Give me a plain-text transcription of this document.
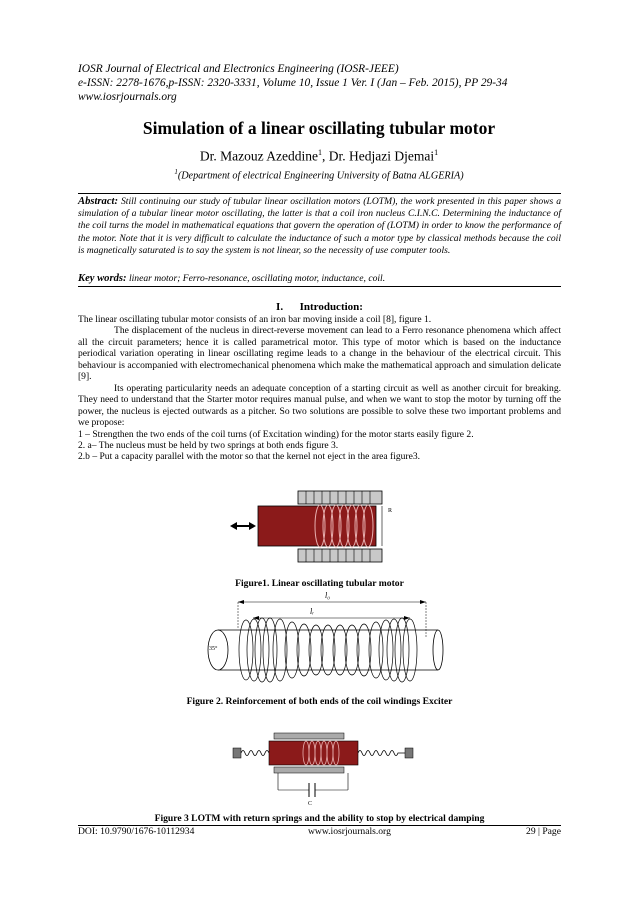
IOSR Journal of Electrical and Electronics Engineering (IOSR-JEEE)
e-ISSN: 2278-1676,p-ISSN: 2320-3331, Volume 10, Issue 1 Ver. I (Jan – Feb. 2015), PP 29-34
www.iosrjournals.org
Simulation of a linear oscillating tubular motor
Dr. Mazouz Azeddine$^1$, Dr. Hedjazi Djemai$^1$
$^1$(Department of electrical Engineering University of Batna ALGERIA)
Abstract: Still continuing our study of tubular linear oscillation motors (LOTM), the work presented in this paper shows a simulation of a tubular linear motor oscillating, the latter is that a coil iron nucleus C.I.N.C. Determining the inductance of the coil turns the model in mathematical equations that govern the operation of (LOTM) in order to know the performance of the motor. Note that it is very difficult to calculate the inductance of such a motor type by classical methods because the coil is magnetically saturated is to say the system is not linear, so the necessity of use computer tools.
Key words: linear motor; Ferro-resonance, oscillating motor, inductance, coil.
I.      Introduction:

The linear oscillating tubular motor consists of an iron bar moving inside a coil [8], figure 1.

The displacement of the nucleus in direct-reverse movement can lead to a Ferro resonance phenomena which affect all the circuit parameters; hence it is called parametrical motor. This type of motor which is based on the inductance periodical variation operating in linear oscillating regime leads to a change in the behaviour of the electrical circuit. This behaviour is accompanied with electromechanical phenomena which make the mathematical approach and simulation delicate [9].

Its operating particularity needs an adequate conception of a starting circuit as well as another circuit for breaking. They need to understand that the Starter motor requires manual pulse, and when we want to stop the motor by turning off the power, the nucleus is ejected outwards as a pitcher. So two solutions are possible to solve these two important problems and we propose:

1 – Strengthen the two ends of the coil turns (of Excitation winding) for the motor starts easily figure 2.

2. a– The nucleus must be held by two springs at both ends figure 3.

2.b – Put a capacity parallel with the motor so that the kernel not eject in the area figure3.

R
Figure1. Linear oscillating tubular motor
l₀
lᵣ
35°
Figure 2. Reinforcement of both ends of the coil windings Exciter
C
Figure 3 LOTM with return springs and the ability to stop by electrical damping
DOI: 10.9790/1676-10112934	www.iosrjournals.org	29 | Page
